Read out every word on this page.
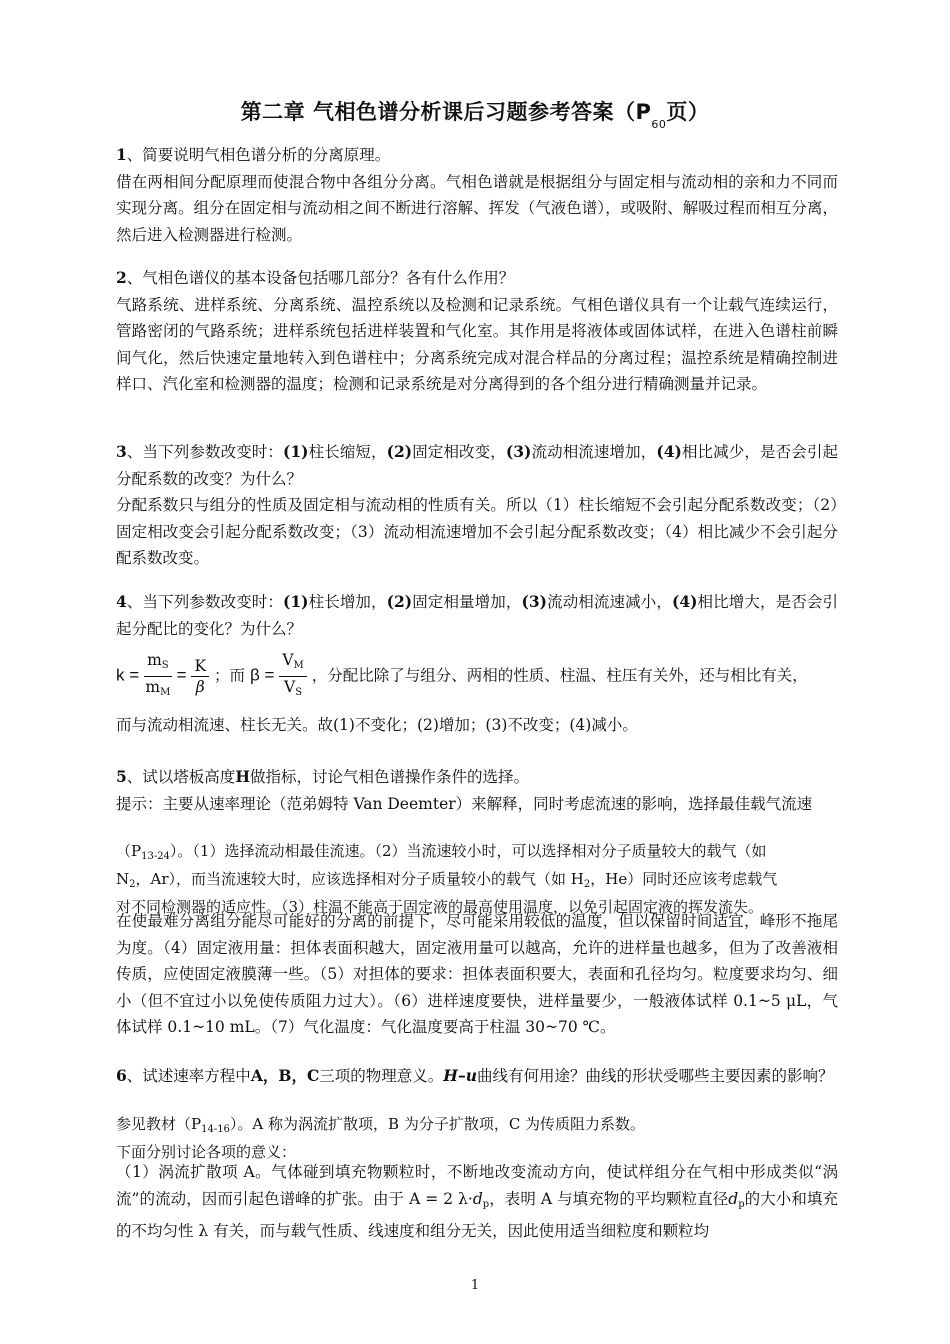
第二章 气相色谱分析课后习题参考答案（$P_{60}$页）
1、简要说明气相色谱分析的分离原理。
借在两相间分配原理而使混合物中各组分分离。气相色谱就是根据组分与固定相与流动相的亲和力不同而实现分离。组分在固定相与流动相之间不断进行溶解、挥发（气液色谱），或吸附、解吸过程而相互分离，然后进入检测器进行检测。
2、气相色谱仪的基本设备包括哪几部分？各有什么作用？
气路系统、进样系统、分离系统、温控系统以及检测和记录系统。气相色谱仪具有一个让载气连续运行，管路密闭的气路系统；进样系统包括进样装置和气化室。其作用是将液体或固体试样，在进入色谱柱前瞬间气化，然后快速定量地转入到色谱柱中；分离系统完成对混合样品的分离过程；温控系统是精确控制进样口、汽化室和检测器的温度；检测和记录系统是对分离得到的各个组分进行精确测量并记录。
3、当下列参数改变时：(1)柱长缩短，(2)固定相改变，(3)流动相流速增加，(4)相比减少，是否会引起分配系数的改变？为什么？
分配系数只与组分的性质及固定相与流动相的性质有关。所以（1）柱长缩短不会引起分配系数改变；（2）固定相改变会引起分配系数改变；（3）流动相流速增加不会引起分配系数改变；（4）相比减少不会引起分配系数改变。
4、当下列参数改变时：(1)柱长增加，(2)固定相量增加，(3)流动相流速减小，(4)相比增大，是否会引起分配比的变化？为什么？
$k = \frac{m_S}{m_M} = \frac{K}{\beta}$ ；而 $\beta = \frac{V_M}{V_S}$ ，分配比除了与组分、两相的性质、柱温、柱压有关外，还与相比有关，
而与流动相流速、柱长无关。故(1)不变化；(2)增加；(3)不改变；(4)减小。
5、试以塔板高度H做指标，讨论气相色谱操作条件的选择。
提示：主要从速率理论（范弟姆特 Van Deemter）来解释，同时考虑流速的影响，选择最佳载气流速
$(P_{13-24})$。（1）选择流动相最佳流速。（2）当流速较小时，可以选择相对分子质量较大的载气（如
$N_2$，Ar），而当流速较大时，应该选择相对分子质量较小的载气（如 $H_2$，He）同时还应该考虑载气
对不同检测器的适应性。（3）柱温不能高于固定液的最高使用温度，以免引起固定液的挥发流失。
在使最难分离组分能尽可能好的分离的前提下，尽可能采用较低的温度，但以保留时间适宜，峰形不拖尾为度。（4）固定液用量：担体表面积越大，固定液用量可以越高，允许的进样量也越多，但为了改善液相传质，应使固定液膜薄一些。（5）对担体的要求：担体表面积要大，表面和孔径均匀。粒度要求均匀、细小（但不宜过小以免使传质阻力过大）。（6）进样速度要快，进样量要少，一般液体试样 0.1~5 μL，气体试样 0.1~10 mL。（7）气化温度：气化温度要高于柱温 30~70 ℃。
6、试述速率方程中A，B，C三项的物理意义。H–u曲线有何用途？曲线的形状受哪些主要因素的影响？
参见教材$(P_{14-16})$。A 称为涡流扩散项，B 为分子扩散项，C 为传质阻力系数。
下面分别讨论各项的意义：
（1）涡流扩散项 A。气体碰到填充物颗粒时，不断地改变流动方向，使试样组分在气相中形成类似“涡流”的流动，因而引起色谱峰的扩张。由于 A = 2 $\lambda\cdot d_p$，表明 A 与填充物的平均颗粒直径$d_p$的大小和填充的不均匀性 λ 有关，而与载气性质、线速度和组分无关，因此使用适当细粒度和颗粒均
1
